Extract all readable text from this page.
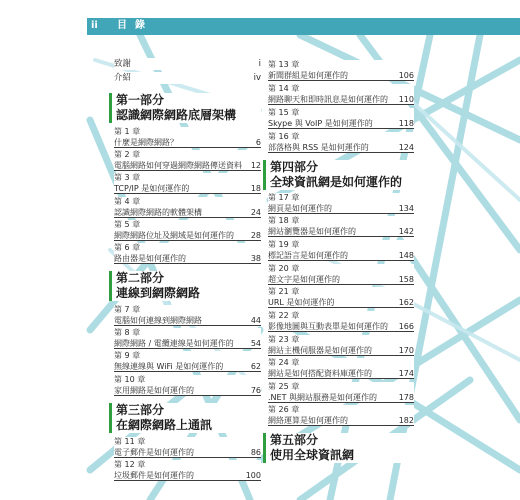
ii 目錄
致謝	i
介紹	iv
第一部分
認識網際網路底層架構
第 1 章
什麼是網際網路？	6
第 2 章
電腦網路如何穿過網際網路傳送資料 12
第 3 章
TCP/IP 是如何運作的	18
第 4 章
認識網際網路的軟體架構	24
第 5 章
網際網路位址及網域是如何運作的 28
第 6 章
路由器是如何運作的	38
第二部分
連線到網際網路
第 7 章
電腦如何連線到網際網路	44
第 8 章
網際網路 / 電纜連線是如何運作的 54
第 9 章
無線連線與 WiFi 是如何運作的	62
第 10 章
家用網路是如何運作的	76
第三部分
在網際網路上通訊
第 11 章
電子郵件是如何運作的	86
第 12 章
垃圾郵件是如何運作的	100
第 13 章
新聞群組是如何運作的	106
第 14 章
網路聊天和即時訊息是如何運作的 110
第 15 章
Skype 與 VoIP 是如何運作的	118
第 16 章
部落格與 RSS 是如何運作的	124
第四部分
全球資訊網是如何運作的
第 17 章
網頁是如何運作的	134
第 18 章
網站瀏覽器是如何運作的	142
第 19 章
標記語言是如何運作的	148
第 20 章
超文字是如何運作的	158
第 21 章
URL 是如何運作的	162
第 22 章
影像地圖與互動表單是如何運作的 166
第 23 章
網站主機伺服器是如何運作的	170
第 24 章
網站是如何搭配資料庫運作的	174
第 25 章
.NET 與網站服務是如何運作的	178
第 26 章
網絡運算是如何運作的	182
第五部分
使用全球資訊網
